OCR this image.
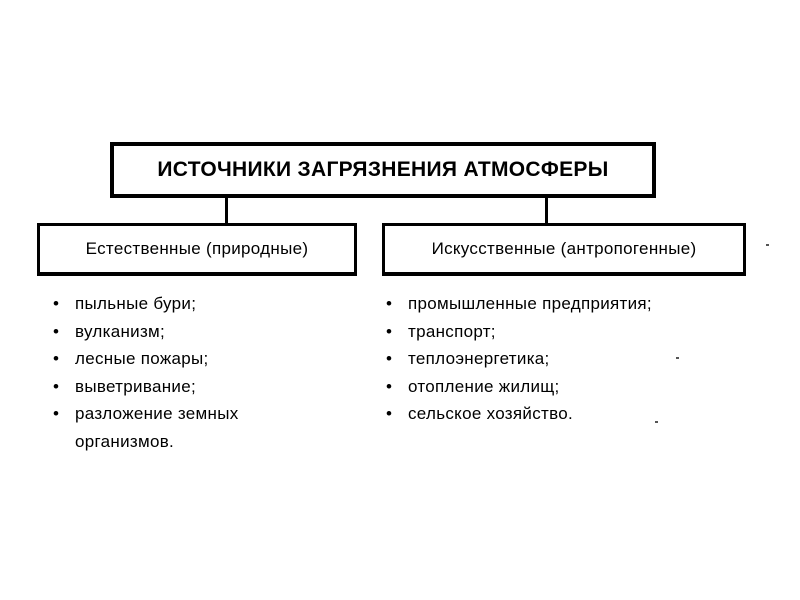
ИСТОЧНИКИ ЗАГРЯЗНЕНИЯ АТМОСФЕРЫ
Естественные (природные)	Искусственные (антропогенные)
• пыльные бури;
• вулканизм;
• лесные пожары;
• выветривание;
• разложение земных организмов.
• промышленные предприятия;
• транспорт;
• теплоэнергетика;
• отопление жилищ;
• сельское хозяйство.
